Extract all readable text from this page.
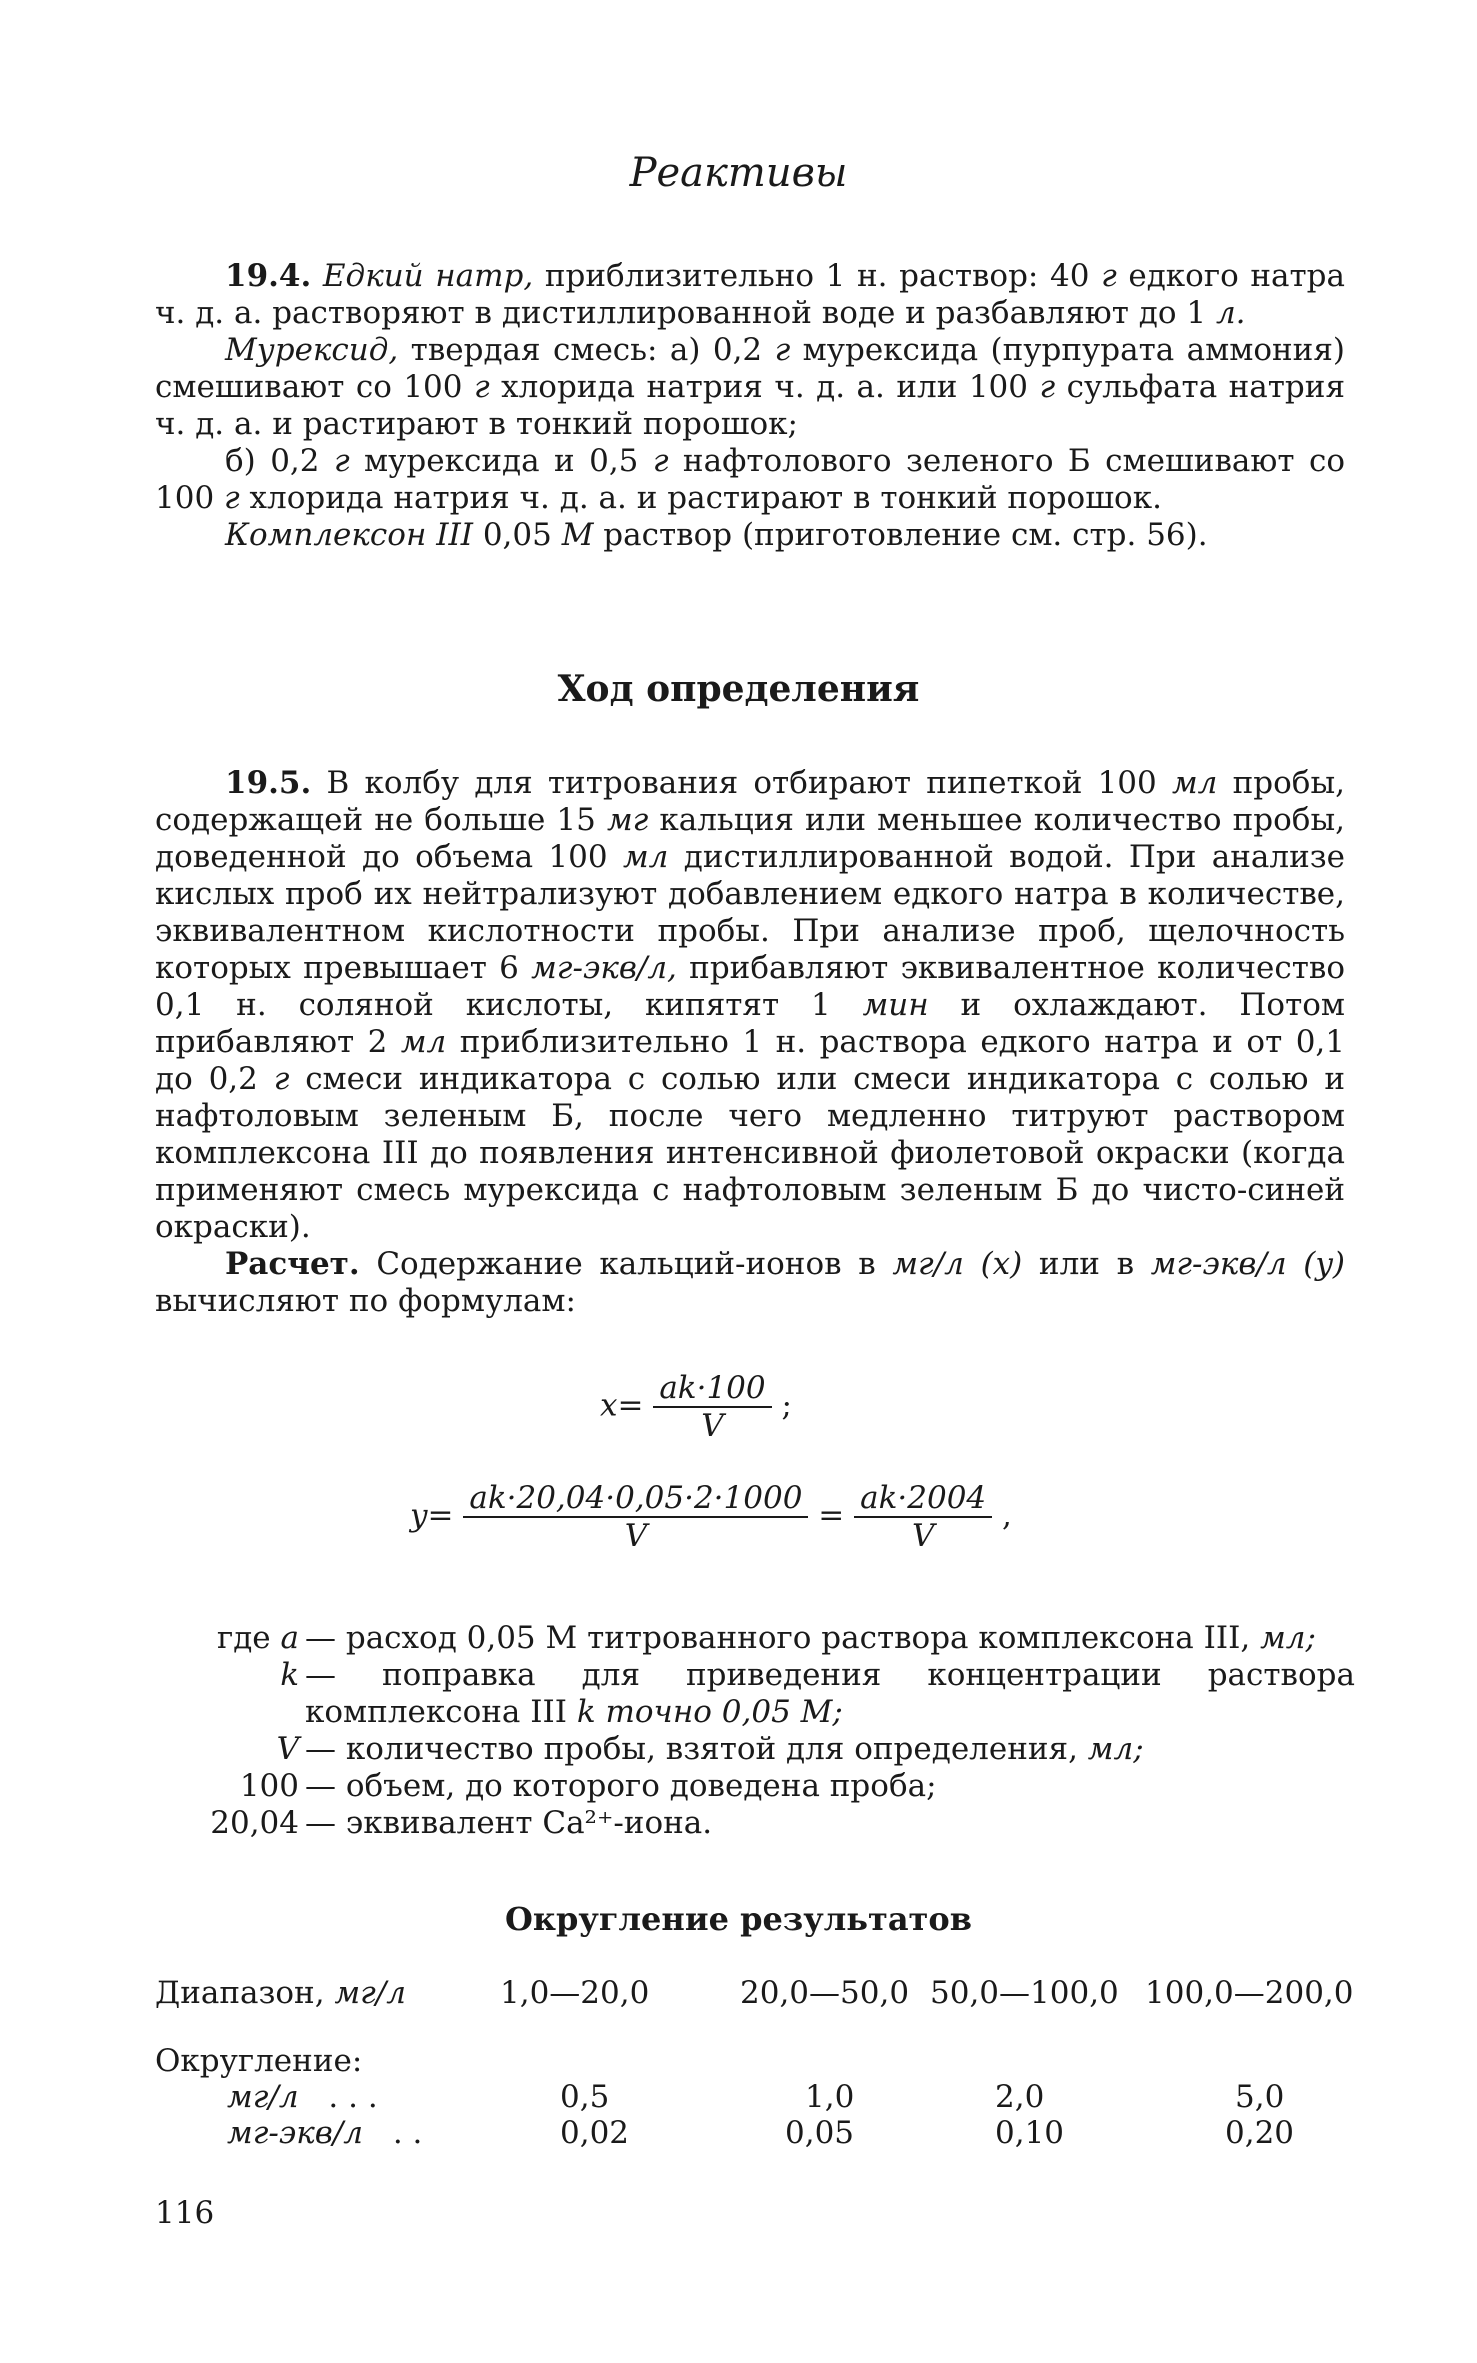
Реактивы

19.4. Едкий натр, приблизительно 1 н. раствор: 40 г едкого натра ч. д. а. растворяют в дистиллированной воде и разбавляют до 1 л.

Мурексид, твердая смесь: а) 0,2 г мурексида (пурпурата аммония) смешивают со 100 г хлорида натрия ч. д. а. или 100 г сульфата натрия ч. д. а. и растирают в тонкий порошок;

б) 0,2 г мурексида и 0,5 г нафтолового зеленого Б смешивают со 100 г хлорида натрия ч. д. а. и растирают в тонкий порошок.

Комплексон III 0,05 М раствор (приготовление см. стр. 56).

Ход определения

19.5. В колбу для титрования отбирают пипеткой 100 мл пробы, содержащей не больше 15 мг кальция или меньшее количество пробы, доведенной до объема 100 мл дистиллированной водой. При анализе кислых проб их нейтрализуют добавлением едкого натра в количестве, эквивалентном кислотности пробы. При анализе проб, щелочность которых превышает 6 мг-экв/л, прибавляют эквивалентное количество 0,1 н. соляной кислоты, кипятят 1 мин и охлаждают. Потом прибавляют 2 мл приблизительно 1 н. раствора едкого натра и от 0,1 до 0,2 г смеси индикатора с солью или смеси индикатора с солью и нафтоловым зеленым Б, после чего медленно титруют раствором комплексона III до появления интенсивной фиолетовой окраски (когда применяют смесь мурексида с нафтоловым зеленым Б до чисто-синей окраски).

Расчет. Содержание кальций-ионов в мг/л (x) или в мг-экв/л (y) вычисляют по формулам:

$x= \frac{ak\cdot 100}{V}$ ;
$y= \frac{ak\cdot 20,04\cdot 0,05\cdot 2\cdot 1000}{V} = \frac{ak\cdot 2004}{V}$ ,
где a — расход 0,05 М титрованного раствора комплексона III, мл;
k — поправка для приведения концентрации раствора комплексона III k точно 0,05 М;
V — количество пробы, взятой для определения, мл;
100 — объем, до которого доведена проба;
20,04 — эквивалент Ca²⁺-иона.
Округление результатов
Диапазон, мг/л	1,0—20,0	20,0—50,0 50,0—100,0 100,0—200,0
Округление:
мг/л . . .	0,5	1,0	2,0	5,0
мг-экв/л . .	0,02	0,05	0,10	0,20
116
